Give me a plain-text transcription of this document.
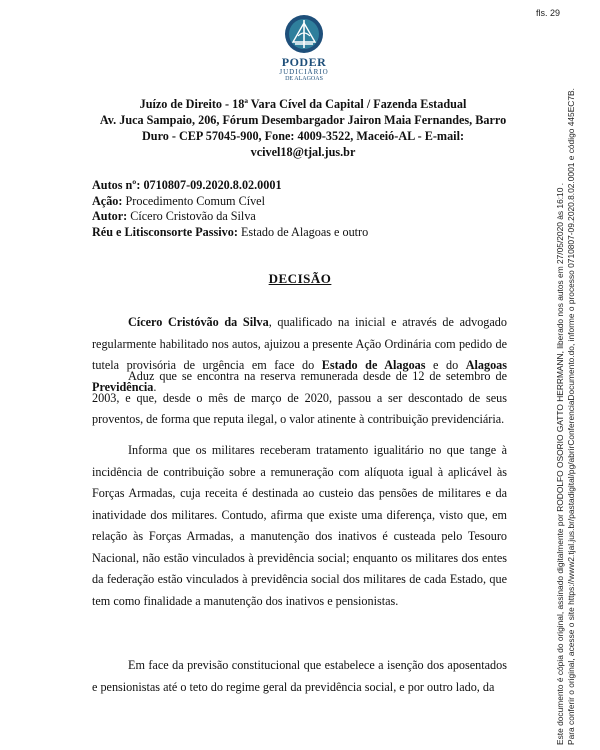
fls. 29
PODER
JUDICIÁRIO
DE ALAGOAS
Juízo de Direito - 18ª Vara Cível da Capital / Fazenda Estadual
Av. Juca Sampaio, 206, Fórum Desembargador Jairon Maia Fernandes, Barro
Duro - CEP 57045-900, Fone: 4009-3522, Maceió-AL - E-mail:
vcivel18@tjal.jus.br
Autos nº: 0710807-09.2020.8.02.0001
Ação: Procedimento Comum Cível
Autor: Cícero Cristovão da Silva
Réu e Litisconsorte Passivo: Estado de Alagoas e outro
DECISÃO

Cícero Cristóvão da Silva, qualificado na inicial e através de advogado regularmente habilitado nos autos, ajuizou a presente Ação Ordinária com pedido de tutela provisória de urgência em face do Estado de Alagoas e do Alagoas Previdência.

Aduz que se encontra na reserva remunerada desde de 12 de setembro de 2003, e que, desde o mês de março de 2020, passou a ser descontado de seus proventos, de forma que reputa ilegal, o valor atinente à contribuição previdenciária.

Informa que os militares receberam tratamento igualitário no que tange à incidência de contribuição sobre a remuneração com alíquota igual à aplicável às Forças Armadas, cuja receita é destinada ao custeio das pensões de militares e da inatividade dos militares. Contudo, afirma que existe uma diferença, visto que, em relação às Forças Armadas, a manutenção dos inativos é custeada pelo Tesouro Nacional, não estão vinculados à previdência social; enquanto os militares dos entes da federação estão vinculados à previdência social dos militares de cada Estado, que tem como finalidade a manutenção dos inativos e pensionistas.

Em face da previsão constitucional que estabelece a isenção dos aposentados e pensionistas até o teto do regime geral da previdência social, e por outro lado, da	Este documento é cópia do original, assinado digitalmente por RODOLFO OSORIO GATTO HERRMANN, liberado nos autos em 27/05/2020 às 16:10 . Para conferir o original, acesse o site https://www2.tjal.jus.br/pastadigital/pg/abrirConferenciaDocumento.do, informe o processo 0710807-09.2020.8.02.0001 e código 445EC7B.
